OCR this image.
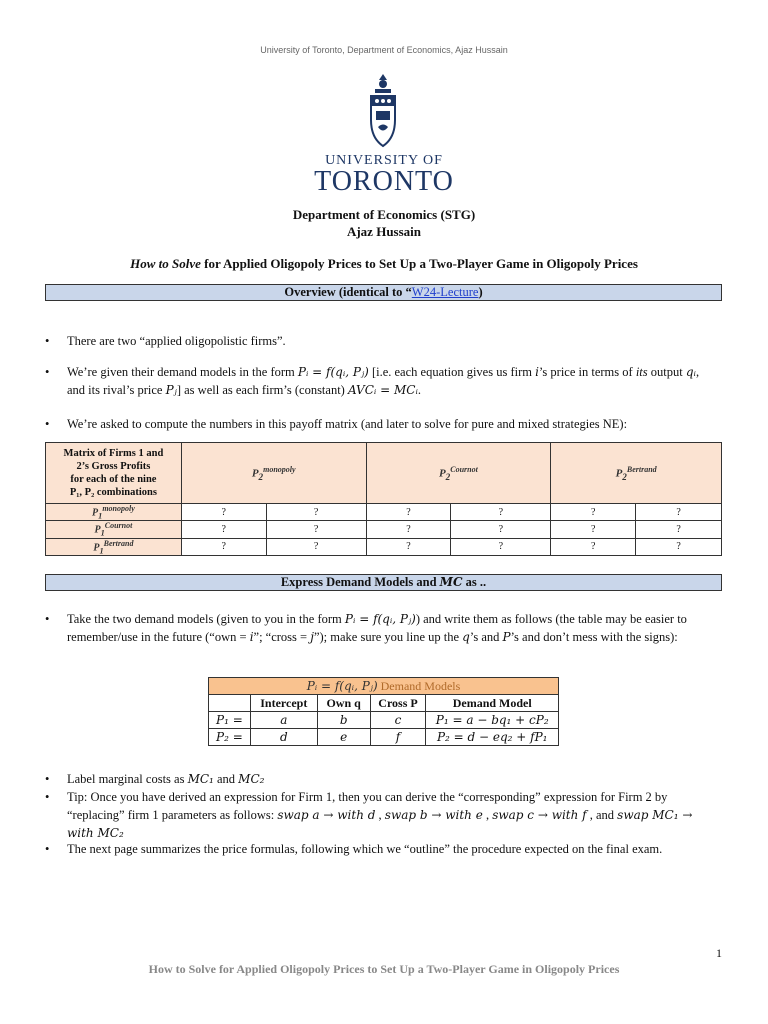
University of Toronto, Department of Economics, Ajaz Hussain
UNIVERSITY OF
TORONTO
Department of Economics (STG)
Ajaz Hussain
How to Solve for Applied Oligopoly Prices to Set Up a Two-Player Game in Oligopoly Prices
Overview (identical to “W24-Lecture)
• There are two “applied oligopolistic firms”.
• We’re given their demand models in the form Pᵢ = f(qᵢ, Pⱼ) [i.e. each equation gives us firm i’s price in terms of its output qᵢ, and its rival’s price Pⱼ] as well as each firm’s (constant) AVCᵢ = MCᵢ.
• We’re asked to compute the numbers in this payoff matrix (and later to solve for pure and mixed strategies NE):
Matrix of Firms 1 and
2’s Gross Profits
for each of the nine
P₁, P₂ combinations	$P_2^{monopoly}$		$P_2^{Cournot}$		$P_2^{Bertrand}$
$P_1^{monopoly}$	?	?	?	?	?	?
$P_1^{Cournot}$	?	?	?	?	?	?
$P_1^{Bertrand}$	?	?	?	?	?	?
Express Demand Models and MC as ..
• Take the two demand models (given to you in the form Pᵢ = f(qᵢ, Pⱼ)) and write them as follows (the table may be easier to remember/use in the future (“own = i”; “cross = j”); make sure you line up the q’s and P’s and don’t mess with the signs):
Pᵢ = f(qᵢ, Pⱼ) Demand Models				
	Intercept	Own q	Cross P	Demand Model
P₁ =	a	b	c	P₁ = a − bq₁ + cP₂
P₂ =	d	e	f	P₂ = d − eq₂ + fP₁
• Label marginal costs as MC₁ and MC₂
• Tip: Once you have derived an expression for Firm 1, then you can derive the “corresponding” expression for Firm 2 by “replacing” firm 1 parameters as follows: swap a → with d , swap b → with e , swap c → with f , and swap MC₁ → with MC₂
• The next page summarizes the price formulas, following which we “outline” the procedure expected on the final exam.
1
How to Solve for Applied Oligopoly Prices to Set Up a Two-Player Game in Oligopoly Prices
